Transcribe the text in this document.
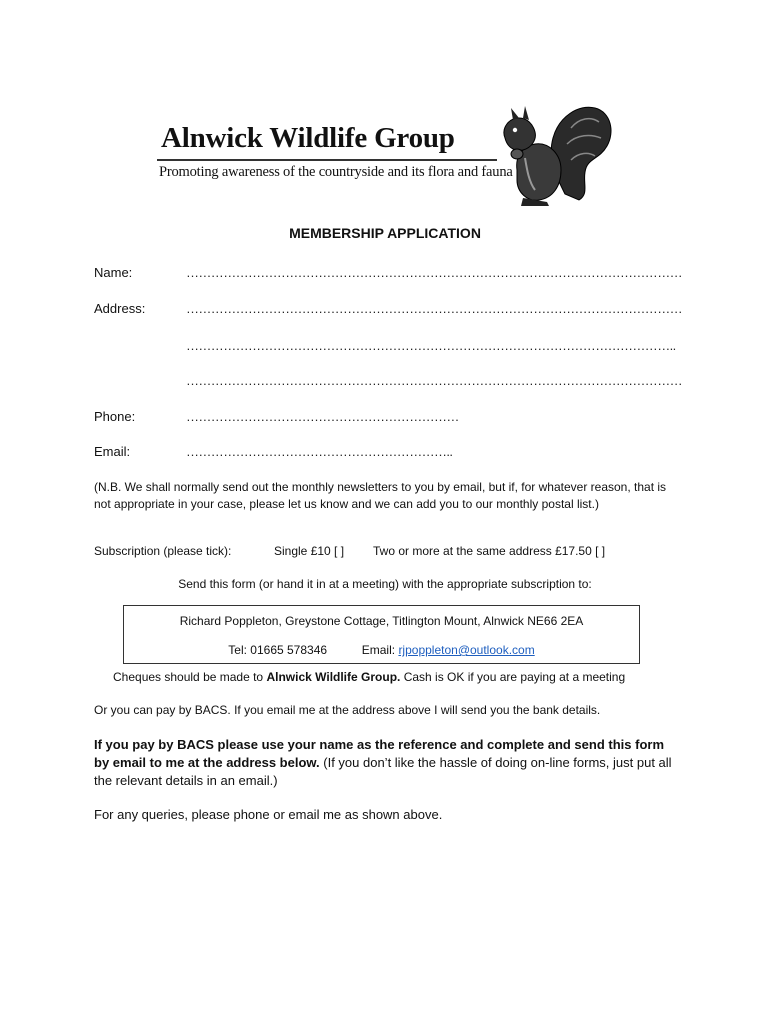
Alnwick Wildlife Group
Promoting awareness of the countryside and its flora and fauna
MEMBERSHIP APPLICATION
Name:	…………………………………………………………………………………………………………
Address:	…………………………………………………………………………………………………………
………………………………………………………………………………………………………..
…………………………………………………………………………………………………………
Phone:	…………………………………………………………
Email:	………………………………………………………..
(N.B. We shall normally send out the monthly newsletters to you by email, but if, for whatever reason, that is not appropriate in your case, please let us know and we can add you to our monthly postal list.)
Subscription (please tick):	Single £10 [ ] Two or more at the same address £17.50 [ ]
Send this form (or hand it in at a meeting) with the appropriate subscription to:
Richard Poppleton, Greystone Cottage, Titlington Mount, Alnwick NE66 2EA
Tel: 01665 578346	Email: rjpoppleton@outlook.com
Cheques should be made to Alnwick Wildlife Group. Cash is OK if you are paying at a meeting
Or you can pay by BACS. If you email me at the address above I will send you the bank details.
If you pay by BACS please use your name as the reference and complete and send this form by email to me at the address below. (If you don’t like the hassle of doing on-line forms, just put all the relevant details in an email.)
For any queries, please phone or email me as shown above.
